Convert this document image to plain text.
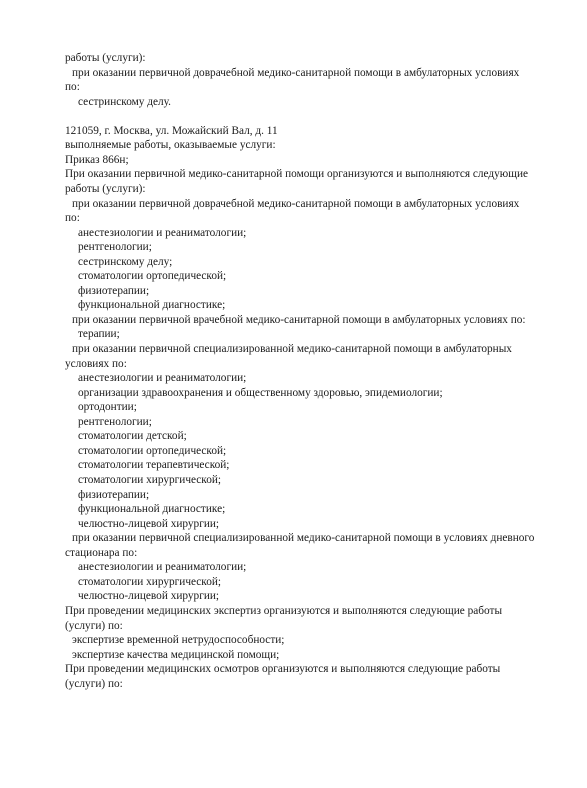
работы (услуги):
при оказании первичной доврачебной медико-санитарной помощи в амбулаторных условиях
по:
сестринскому делу.
121059, г. Москва, ул. Можайский Вал, д. 11
выполняемые работы, оказываемые услуги:
Приказ 866н;
При оказании первичной медико-санитарной помощи организуются и выполняются следующие
работы (услуги):
при оказании первичной доврачебной медико-санитарной помощи в амбулаторных условиях
по:
анестезиологии и реаниматологии;
рентгенологии;
сестринскому делу;
стоматологии ортопедической;
физиотерапии;
функциональной диагностике;
при оказании первичной врачебной медико-санитарной помощи в амбулаторных условиях по:
терапии;
при оказании первичной специализированной медико-санитарной помощи в амбулаторных
условиях по:
анестезиологии и реаниматологии;
организации здравоохранения и общественному здоровью, эпидемиологии;
ортодонтии;
рентгенологии;
стоматологии детской;
стоматологии ортопедической;
стоматологии терапевтической;
стоматологии хирургической;
физиотерапии;
функциональной диагностике;
челюстно-лицевой хирургии;
при оказании первичной специализированной медико-санитарной помощи в условиях дневного
стационара по:
анестезиологии и реаниматологии;
стоматологии хирургической;
челюстно-лицевой хирургии;
При проведении медицинских экспертиз организуются и выполняются следующие работы
(услуги) по:
экспертизе временной нетрудоспособности;
экспертизе качества медицинской помощи;
При проведении медицинских осмотров организуются и выполняются следующие работы
(услуги) по:
